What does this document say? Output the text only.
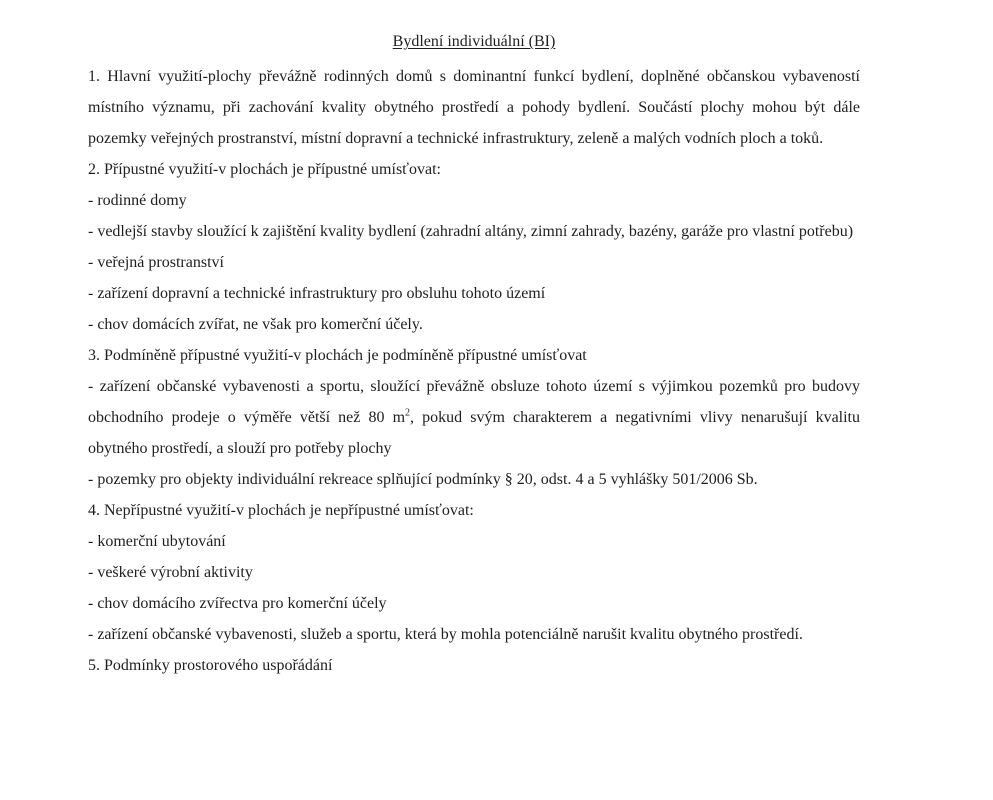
Bydlení individuální (BI)

1. Hlavní využití-plochy převážně rodinných domů s dominantní funkcí bydlení, doplněné občanskou vybaveností místního významu, při zachování kvality obytného prostředí a pohody bydlení. Součástí plochy mohou být dále pozemky veřejných prostranství, místní dopravní a technické infrastruktury, zeleně a malých vodních ploch a toků.

2. Přípustné využití-v plochách je přípustné umísťovat:

- rodinné domy

- vedlejší stavby sloužící k zajištění kvality bydlení (zahradní altány, zimní zahrady, bazény, garáže pro vlastní potřebu)

- veřejná prostranství

- zařízení dopravní a technické infrastruktury pro obsluhu tohoto území

- chov domácích zvířat, ne však pro komerční účely.

3. Podmíněně přípustné využití-v plochách je podmíněně přípustné umísťovat

- zařízení občanské vybavenosti a sportu, sloužící převážně obsluze tohoto území s výjimkou pozemků pro budovy obchodního prodeje o výměře větší než 80 $m^2$, pokud svým charakterem a negativními vlivy nenarušují kvalitu obytného prostředí, a slouží pro potřeby plochy

- pozemky pro objekty individuální rekreace splňující podmínky § 20, odst. 4 a 5 vyhlášky 501/2006 Sb.

4. Nepřípustné využití-v plochách je nepřípustné umísťovat:

- komerční ubytování

- veškeré výrobní aktivity

- chov domácího zvířectva pro komerční účely

- zařízení občanské vybavenosti, služeb a sportu, která by mohla potenciálně narušit kvalitu obytného prostředí.

5. Podmínky prostorového uspořádání
